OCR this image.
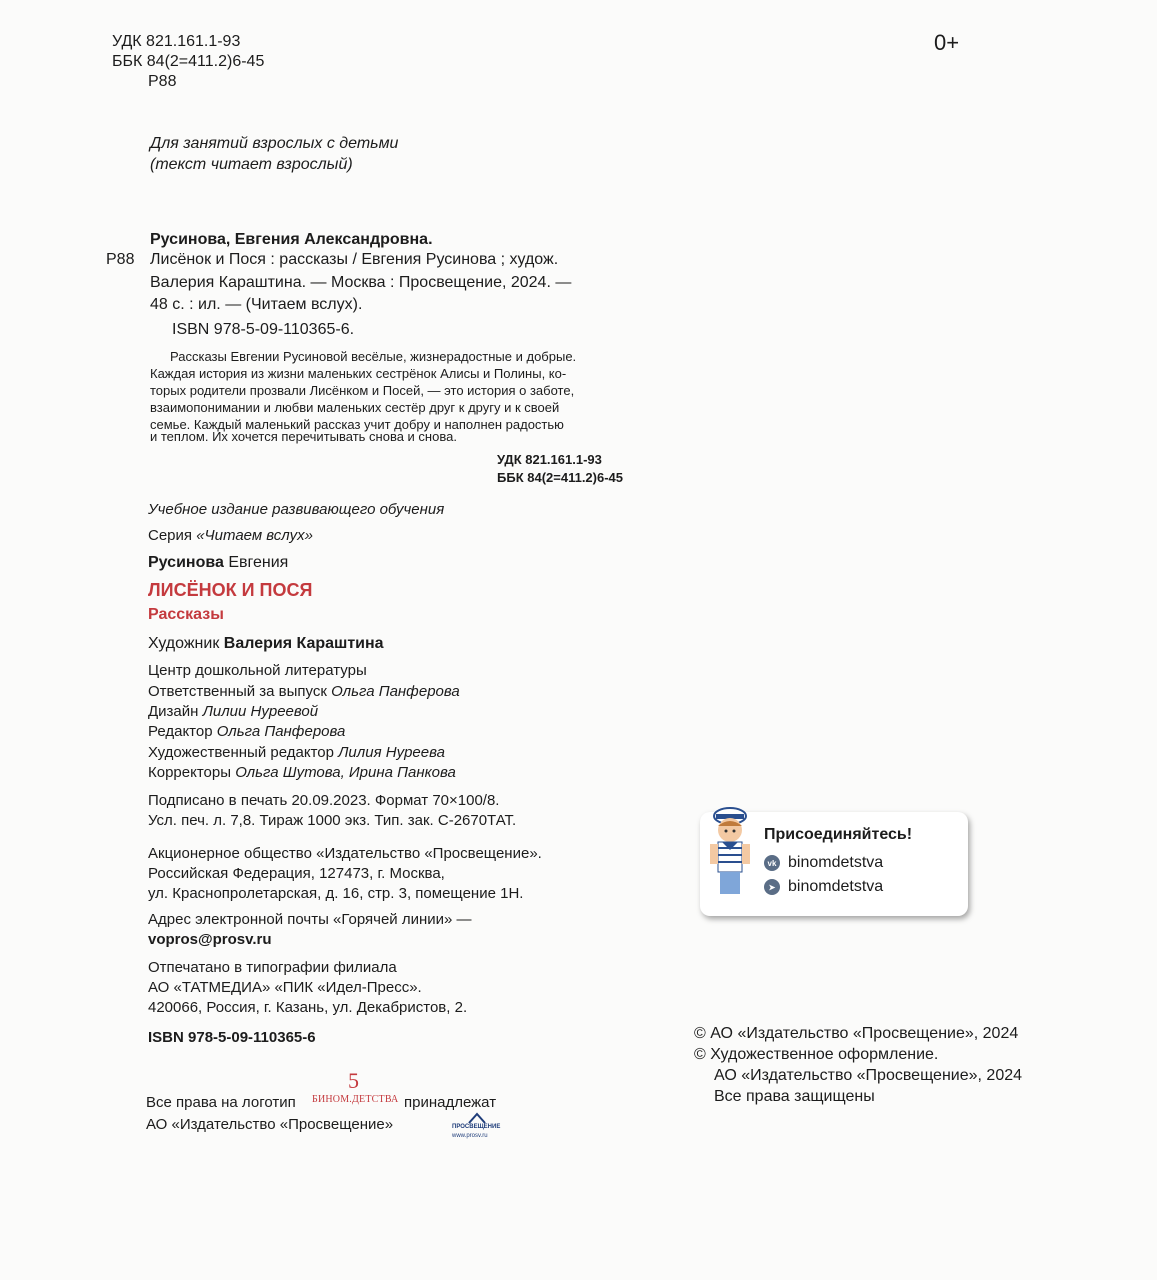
УДК 821.161.1-93
ББК 84(2=411.2)6-45
Р88
0+
Для занятий взрослых с детьми
(текст читает взрослый)
Русинова, Евгения Александровна.
Р88 Лисёнок и Пося : рассказы / Евгения Русинова ; худож.
Валерия Караштина. — Москва : Просвещение, 2024. —
48 с. : ил. — (Читаем вслух).
ISBN 978-5-09-110365-6.
Рассказы Евгении Русиновой весёлые, жизнерадостные и добрые.
Каждая история из жизни маленьких сестрёнок Алисы и Полины, ко-
торых родители прозвали Лисёнком и Посей, — это история о заботе,
взаимопонимании и любви маленьких сестёр друг к другу и к своей
семье. Каждый маленький рассказ учит добру и наполнен радостью
и теплом. Их хочется перечитывать снова и снова.
УДК 821.161.1-93
ББК 84(2=411.2)6-45
Учебное издание развивающего обучения
Серия «Читаем вслух»
Русинова Евгения
ЛИСЁНОК И ПОСЯ
Рассказы
Художник Валерия Караштина
Центр дошкольной литературы
Ответственный за выпуск Ольга Панферова
Дизайн Лилии Нуреевой
Редактор Ольга Панферова
Художественный редактор Лилия Нуреева
Корректоры Ольга Шутова, Ирина Панкова
Подписано в печать 20.09.2023. Формат 70×100/8.
Усл. печ. л. 7,8. Тираж 1000 экз. Тип. зак. С-2670ТАТ.
Акционерное общество «Издательство «Просвещение».
Российская Федерация, 127473, г. Москва,
ул. Краснопролетарская, д. 16, стр. 3, помещение 1Н.
Адрес электронной почты «Горячей линии» —
vopros@prosv.ru
Отпечатано в типографии филиала
АО «ТАТМЕДИА» «ПИК «Идел-Пресс».
420066, Россия, г. Казань, ул. Декабристов, 2.
ISBN 978-5-09-110365-6
Все права на логотип
5
БИНОМ.ДЕТСТВА принадлежат
АО «Издательство «Просвещение»	ПРОСВЕЩЕНИЕ
www.prosv.ru
Присоединяйтесь!
vk binomdetstva
➤ binomdetstva
© АО «Издательство «Просвещение», 2024
© Художественное оформление.
АО «Издательство «Просвещение», 2024
Все права защищены
